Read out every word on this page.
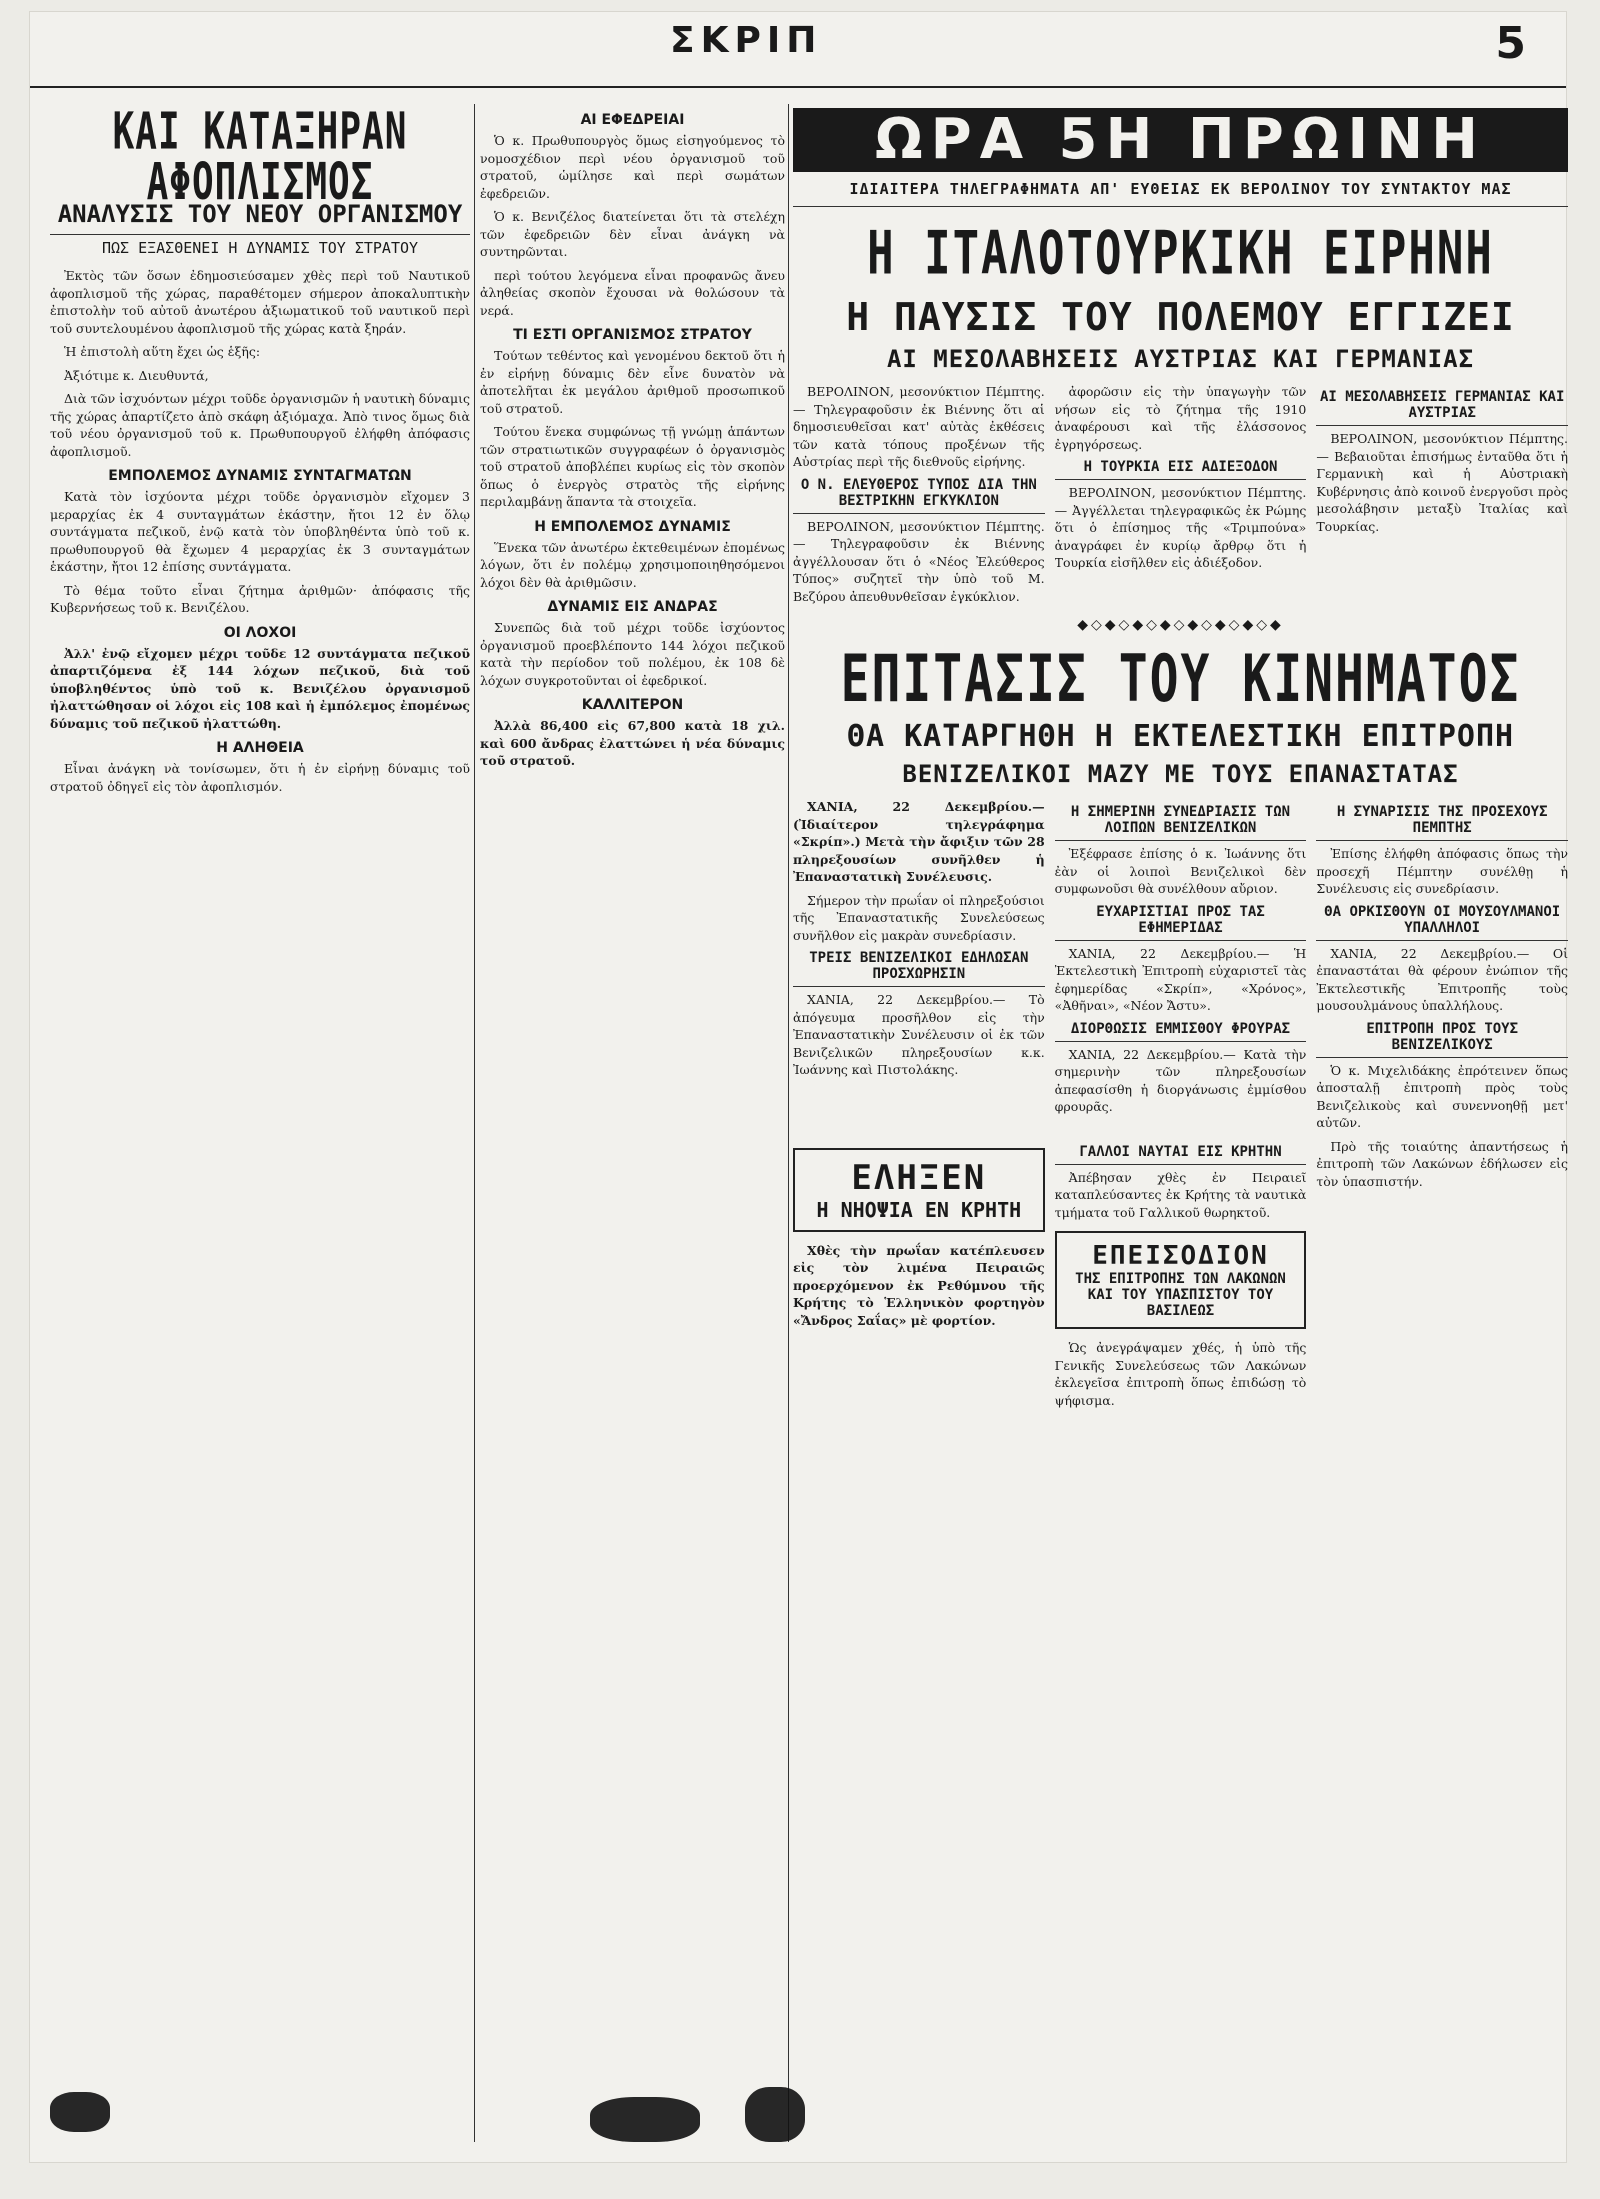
ΣΚΡΙΠ	5
ΚΑΙ ΚΑΤΑΞΗΡΑΝ ΑΦΟΠΛΙΣΜΟΣ
ΑΝΑΛΥΣΙΣ ΤΟΥ ΝΕΟΥ ΟΡΓΑΝΙΣΜΟΥ
ΠΩΣ ΕΞΑΣΘΕΝΕΙ Η ΔΥΝΑΜΙΣ ΤΟΥ ΣΤΡΑΤΟΥ

Ἐκτὸς τῶν ὅσων ἐδημοσιεύσαμεν χθὲς περὶ τοῦ Ναυτικοῦ ἀφοπλισμοῦ τῆς χώρας, παραθέτομεν σήμερον ἀποκαλυπτικὴν ἐπιστολὴν τοῦ αὐτοῦ ἀνωτέρου ἀξιωματικοῦ τοῦ ναυτικοῦ περὶ τοῦ συντελουμένου ἀφοπλισμοῦ τῆς χώρας κατὰ ξηράν.

Ἡ ἐπιστολὴ αὕτη ἔχει ὡς ἑξῆς:

Ἀξιότιμε κ. Διευθυντά,

Διὰ τῶν ἰσχυόντων μέχρι τοῦδε ὀργανισμῶν ἡ ναυτικὴ δύναμις τῆς χώρας ἀπαρτίζετο ἀπὸ σκάφη ἀξιόμαχα. Ἀπὸ τινος ὅμως διὰ τοῦ νέου ὀργανισμοῦ τοῦ κ. Πρωθυπουργοῦ ἐλήφθη ἀπόφασις ἀφοπλισμοῦ.

ΕΜΠΟΛΕΜΟΣ ΔΥΝΑΜΙΣ ΣΥΝΤΑΓΜΑΤΩΝ

Κατὰ τὸν ἰσχύοντα μέχρι τοῦδε ὀργανισμὸν εἴχομεν 3 μεραρχίας ἐκ 4 συνταγμάτων ἑκάστην, ἤτοι 12 ἐν ὅλῳ συντάγματα πεζικοῦ, ἐνῷ κατὰ τὸν ὑποβληθέντα ὑπὸ τοῦ κ. πρωθυπουργοῦ θὰ ἔχωμεν 4 μεραρχίας ἐκ 3 συνταγμάτων ἑκάστην, ἤτοι 12 ἐπίσης συντάγματα.

Τὸ θέμα τοῦτο εἶναι ζήτημα ἀριθμῶν· ἀπόφασις τῆς Κυβερνήσεως τοῦ κ. Βενιζέλου.

ΟΙ ΛΟΧΟΙ

Ἀλλ' ἐνῷ εἴχομεν μέχρι τοῦδε 12 συντάγματα πεζικοῦ ἀπαρτιζόμενα ἐξ 144 λόχων πεζικοῦ, διὰ τοῦ ὑποβληθέντος ὑπὸ τοῦ κ. Βενιζέλου ὀργανισμοῦ ἠλαττώθησαν οἱ λόχοι εἰς 108 καὶ ἡ ἐμπόλεμος ἐπομένως δύναμις τοῦ πεζικοῦ ἠλαττώθη.

Η ΑΛΗΘΕΙΑ

Εἶναι ἀνάγκη νὰ τονίσωμεν, ὅτι ἡ ἐν εἰρήνῃ δύναμις τοῦ στρατοῦ ὀδηγεῖ εἰς τὸν ἀφοπλισμόν.

ΑΙ ΕΦΕΔΡΕΙΑΙ

Ὁ κ. Πρωθυπουργὸς ὅμως εἰσηγούμενος τὸ νομοσχέδιον περὶ νέου ὀργανισμοῦ τοῦ στρατοῦ, ὡμίλησε καὶ περὶ σωμάτων ἐφεδρειῶν.

Ὁ κ. Βενιζέλος διατείνεται ὅτι τὰ στελέχη τῶν ἐφεδρειῶν δὲν εἶναι ἀνάγκη νὰ συντηρῶνται.

περὶ τούτου λεγόμενα εἶναι προφανῶς ἄνευ ἀληθείας σκοπὸν ἔχουσαι νὰ θολώσουν τὰ νερά.

ΤΙ ΕΣΤΙ ΟΡΓΑΝΙΣΜΟΣ ΣΤΡΑΤΟΥ

Τούτων τεθέντος καὶ γενομένου δεκτοῦ ὅτι ἡ ἐν εἰρήνῃ δύναμις δὲν εἶνε δυνατὸν νὰ ἀποτελῆται ἐκ μεγάλου ἀριθμοῦ προσωπικοῦ τοῦ στρατοῦ.

Τούτου ἕνεκα συμφώνως τῇ γνώμῃ ἁπάντων τῶν στρατιωτικῶν συγγραφέων ὁ ὀργανισμὸς τοῦ στρατοῦ ἀποβλέπει κυρίως εἰς τὸν σκοπὸν ὅπως ὁ ἐνεργὸς στρατὸς τῆς εἰρήνης περιλαμβάνῃ ἅπαντα τὰ στοιχεῖα.

Η ΕΜΠΟΛΕΜΟΣ ΔΥΝΑΜΙΣ

Ἕνεκα τῶν ἀνωτέρω ἐκτεθειμένων ἐπομένως λόγων, ὅτι ἐν πολέμῳ χρησιμοποιηθησόμενοι λόχοι δὲν θὰ ἀριθμῶσιν.

ΔΥΝΑΜΙΣ ΕΙΣ ΑΝΔΡΑΣ

Συνεπῶς διὰ τοῦ μέχρι τοῦδε ἰσχύοντος ὀργανισμοῦ προεβλέποντο 144 λόχοι πεζικοῦ κατὰ τὴν περίοδον τοῦ πολέμου, ἐκ 108 δὲ λόχων συγκροτοῦνται οἱ ἐφεδρικοί.

ΚΑΛΛΙΤΕΡΟΝ

Ἀλλὰ 86,400 εἰς 67,800 κατὰ 18 χιλ. καὶ 600 ἄνδρας ἐλαττώνει ἡ νέα δύναμις τοῦ στρατοῦ.

ΩΡΑ 5Η ΠΡΩΙΝΗ
ΙΔΙΑΙΤΕΡΑ ΤΗΛΕΓΡΑΦΗΜΑΤΑ ΑΠ' ΕΥΘΕΙΑΣ ΕΚ ΒΕΡΟΛΙΝΟΥ ΤΟΥ ΣΥΝΤΑΚΤΟΥ ΜΑΣ
Η ΙΤΑΛΟΤΟΥΡΚΙΚΗ ΕΙΡΗΝΗ
Η ΠΑΥΣΙΣ ΤΟΥ ΠΟΛΕΜΟΥ ΕΓΓΙΖΕΙ
ΑΙ ΜΕΣΟΛΑΒΗΣΕΙΣ ΑΥΣΤΡΙΑΣ ΚΑΙ ΓΕΡΜΑΝΙΑΣ

ΒΕΡΟΛΙΝΟΝ, μεσονύκτιον Πέμπτης.— Τηλεγραφοῦσιν ἐκ Βιέννης ὅτι αἱ δημοσιευθεῖσαι κατ' αὐτὰς ἐκθέσεις τῶν κατὰ τόπους προξένων τῆς Αὐστρίας περὶ τῆς διεθνοῦς εἰρήνης.

Ο Ν. ΕΛΕΥΘΕΡΟΣ ΤΥΠΟΣ ΔΙΑ ΤΗΝ ΒΕΣΤΡΙΚΗΝ ΕΓΚΥΚΛΙΟΝ

ΒΕΡΟΛΙΝΟΝ, μεσονύκτιον Πέμπτης.— Τηλεγραφοῦσιν ἐκ Βιέννης ἀγγέλλουσαν ὅτι ὁ «Νέος Ἐλεύθερος Τύπος» συζητεῖ τὴν ὑπὸ τοῦ Μ. Βεζύρου ἀπευθυνθεῖσαν ἐγκύκλιον.

ἀφορῶσιν εἰς τὴν ὑπαγωγὴν τῶν νήσων εἰς τὸ ζήτημα τῆς 1910 ἀναφέρουσι καὶ τῆς ἐλάσσονος ἐγρηγόρσεως.

Η ΤΟΥΡΚΙΑ ΕΙΣ ΑΔΙΕΞΟΔΟΝ

ΒΕΡΟΛΙΝΟΝ, μεσονύκτιον Πέμπτης.— Ἀγγέλλεται τηλεγραφικῶς ἐκ Ρώμης ὅτι ὁ ἐπίσημος τῆς «Τριμπούνα» ἀναγράφει ἐν κυρίῳ ἄρθρῳ ὅτι ἡ Τουρκία εἰσῆλθεν εἰς ἀδιέξοδον.

ΑΙ ΜΕΣΟΛΑΒΗΣΕΙΣ ΓΕΡΜΑΝΙΑΣ ΚΑΙ ΑΥΣΤΡΙΑΣ

ΒΕΡΟΛΙΝΟΝ, μεσονύκτιον Πέμπτης.— Βεβαιοῦται ἐπισήμως ἐνταῦθα ὅτι ἡ Γερμανικὴ καὶ ἡ Αὐστριακὴ Κυβέρνησις ἀπὸ κοινοῦ ἐνεργοῦσι πρὸς μεσολάβησιν μεταξὺ Ἰταλίας καὶ Τουρκίας.

◆◇◆◇◆◇◆◇◆◇◆◇◆◇◆
ΕΠΙΤΑΣΙΣ ΤΟΥ ΚΙΝΗΜΑΤΟΣ
ΘΑ ΚΑΤΑΡΓΗΘΗ Η ΕΚΤΕΛΕΣΤΙΚΗ ΕΠΙΤΡΟΠΗ
ΒΕΝΙΖΕΛΙΚΟΙ ΜΑΖΥ ΜΕ ΤΟΥΣ ΕΠΑΝΑΣΤΑΤΑΣ

ΧΑΝΙΑ, 22 Δεκεμβρίου.— (Ἰδιαίτερον τηλεγράφημα «Σκρίπ».) Μετὰ τὴν ἄφιξιν τῶν 28 πληρεξουσίων συνῆλθεν ἡ Ἐπαναστατικὴ Συνέλευσις.

Σήμερον τὴν πρωΐαν οἱ πληρεξούσιοι τῆς Ἐπαναστατικῆς Συνελεύσεως συνῆλθον εἰς μακρὰν συνεδρίασιν.

ΤΡΕΙΣ ΒΕΝΙΖΕΛΙΚΟΙ ΕΔΗΛΩΣΑΝ ΠΡΟΣΧΩΡΗΣΙΝ

ΧΑΝΙΑ, 22 Δεκεμβρίου.— Τὸ ἀπόγευμα προσῆλθον εἰς τὴν Ἐπαναστατικὴν Συνέλευσιν οἱ ἐκ τῶν Βενιζελικῶν πληρεξουσίων κ.κ. Ἰωάννης καὶ Πιστολάκης.

Η ΣΗΜΕΡΙΝΗ ΣΥΝΕΔΡΙΑΣΙΣ ΤΩΝ ΛΟΙΠΩΝ ΒΕΝΙΖΕΛΙΚΩΝ

Ἐξέφρασε ἐπίσης ὁ κ. Ἰωάννης ὅτι ἐὰν οἱ λοιποὶ Βενιζελικοὶ δὲν συμφωνοῦσι θὰ συνέλθουν αὔριον.

ΕΥΧΑΡΙΣΤΙΑΙ ΠΡΟΣ ΤΑΣ ΕΦΗΜΕΡΙΔΑΣ

ΧΑΝΙΑ, 22 Δεκεμβρίου.— Ἡ Ἐκτελεστικὴ Ἐπιτροπὴ εὐχαριστεῖ τὰς ἐφημερίδας «Σκρίπ», «Χρόνος», «Ἀθῆναι», «Νέον Ἄστυ».

ΔΙΟΡΘΩΣΙΣ ΕΜΜΙΣΘΟΥ ΦΡΟΥΡΑΣ

ΧΑΝΙΑ, 22 Δεκεμβρίου.— Κατὰ τὴν σημερινὴν τῶν πληρεξουσίων ἀπεφασίσθη ἡ διοργάνωσις ἐμμίσθου φρουρᾶς.

Η ΣΥΝΑΡΙΣΙΣ ΤΗΣ ΠΡΟΣΕΧΟΥΣ ΠΕΜΠΤΗΣ

Ἐπίσης ἐλήφθη ἀπόφασις ὅπως τὴν προσεχῆ Πέμπτην συνέλθῃ ἡ Συνέλευσις εἰς συνεδρίασιν.

ΘΑ ΟΡΚΙΣΘΟΥΝ ΟΙ ΜΟΥΣΟΥΛΜΑΝΟΙ ΥΠΑΛΛΗΛΟΙ

ΧΑΝΙΑ, 22 Δεκεμβρίου.— Οἱ ἐπαναστάται θὰ φέρουν ἐνώπιον τῆς Ἐκτελεστικῆς Ἐπιτροπῆς τοὺς μουσουλμάνους ὑπαλλήλους.

ΕΠΙΤΡΟΠΗ ΠΡΟΣ ΤΟΥΣ ΒΕΝΙΖΕΛΙΚΟΥΣ

Ὁ κ. Μιχελιδάκης ἐπρότεινεν ὅπως ἀποσταλῇ ἐπιτροπὴ πρὸς τοὺς Βενιζελικοὺς καὶ συνεννοηθῇ μετ' αὐτῶν.

ΕΛΗΞΕΝ
Η ΝΗΟΨΙΑ ΕΝ ΚΡΗΤΗ

Χθὲς τὴν πρωΐαν κατέπλευσεν εἰς τὸν λιμένα Πειραιῶς προερχόμενον ἐκ Ρεθύμνου τῆς Κρήτης τὸ Ἑλληνικὸν φορτηγὸν «Ἄνδρος Σαΐας» μὲ φορτίον.

ΓΑΛΛΟΙ ΝΑΥΤΑΙ ΕΙΣ ΚΡΗΤΗΝ

Ἀπέβησαν χθὲς ἐν Πειραιεῖ καταπλεύσαντες ἐκ Κρήτης τὰ ναυτικὰ τμήματα τοῦ Γαλλικοῦ θωρηκτοῦ.

ΕΠΕΙΣΟΔΙΟΝ
ΤΗΣ ΕΠΙΤΡΟΠΗΣ ΤΩΝ ΛΑΚΩΝΩΝ ΚΑΙ ΤΟΥ ΥΠΑΣΠΙΣΤΟΥ ΤΟΥ ΒΑΣΙΛΕΩΣ

Ὡς ἀνεγράψαμεν χθές, ἡ ὑπὸ τῆς Γενικῆς Συνελεύσεως τῶν Λακώνων ἐκλεγεῖσα ἐπιτροπὴ ὅπως ἐπιδώσῃ τὸ ψήφισμα.

Πρὸ τῆς τοιαύτης ἀπαντήσεως ἡ ἐπιτροπὴ τῶν Λακώνων ἐδήλωσεν εἰς τὸν ὑπασπιστήν.
